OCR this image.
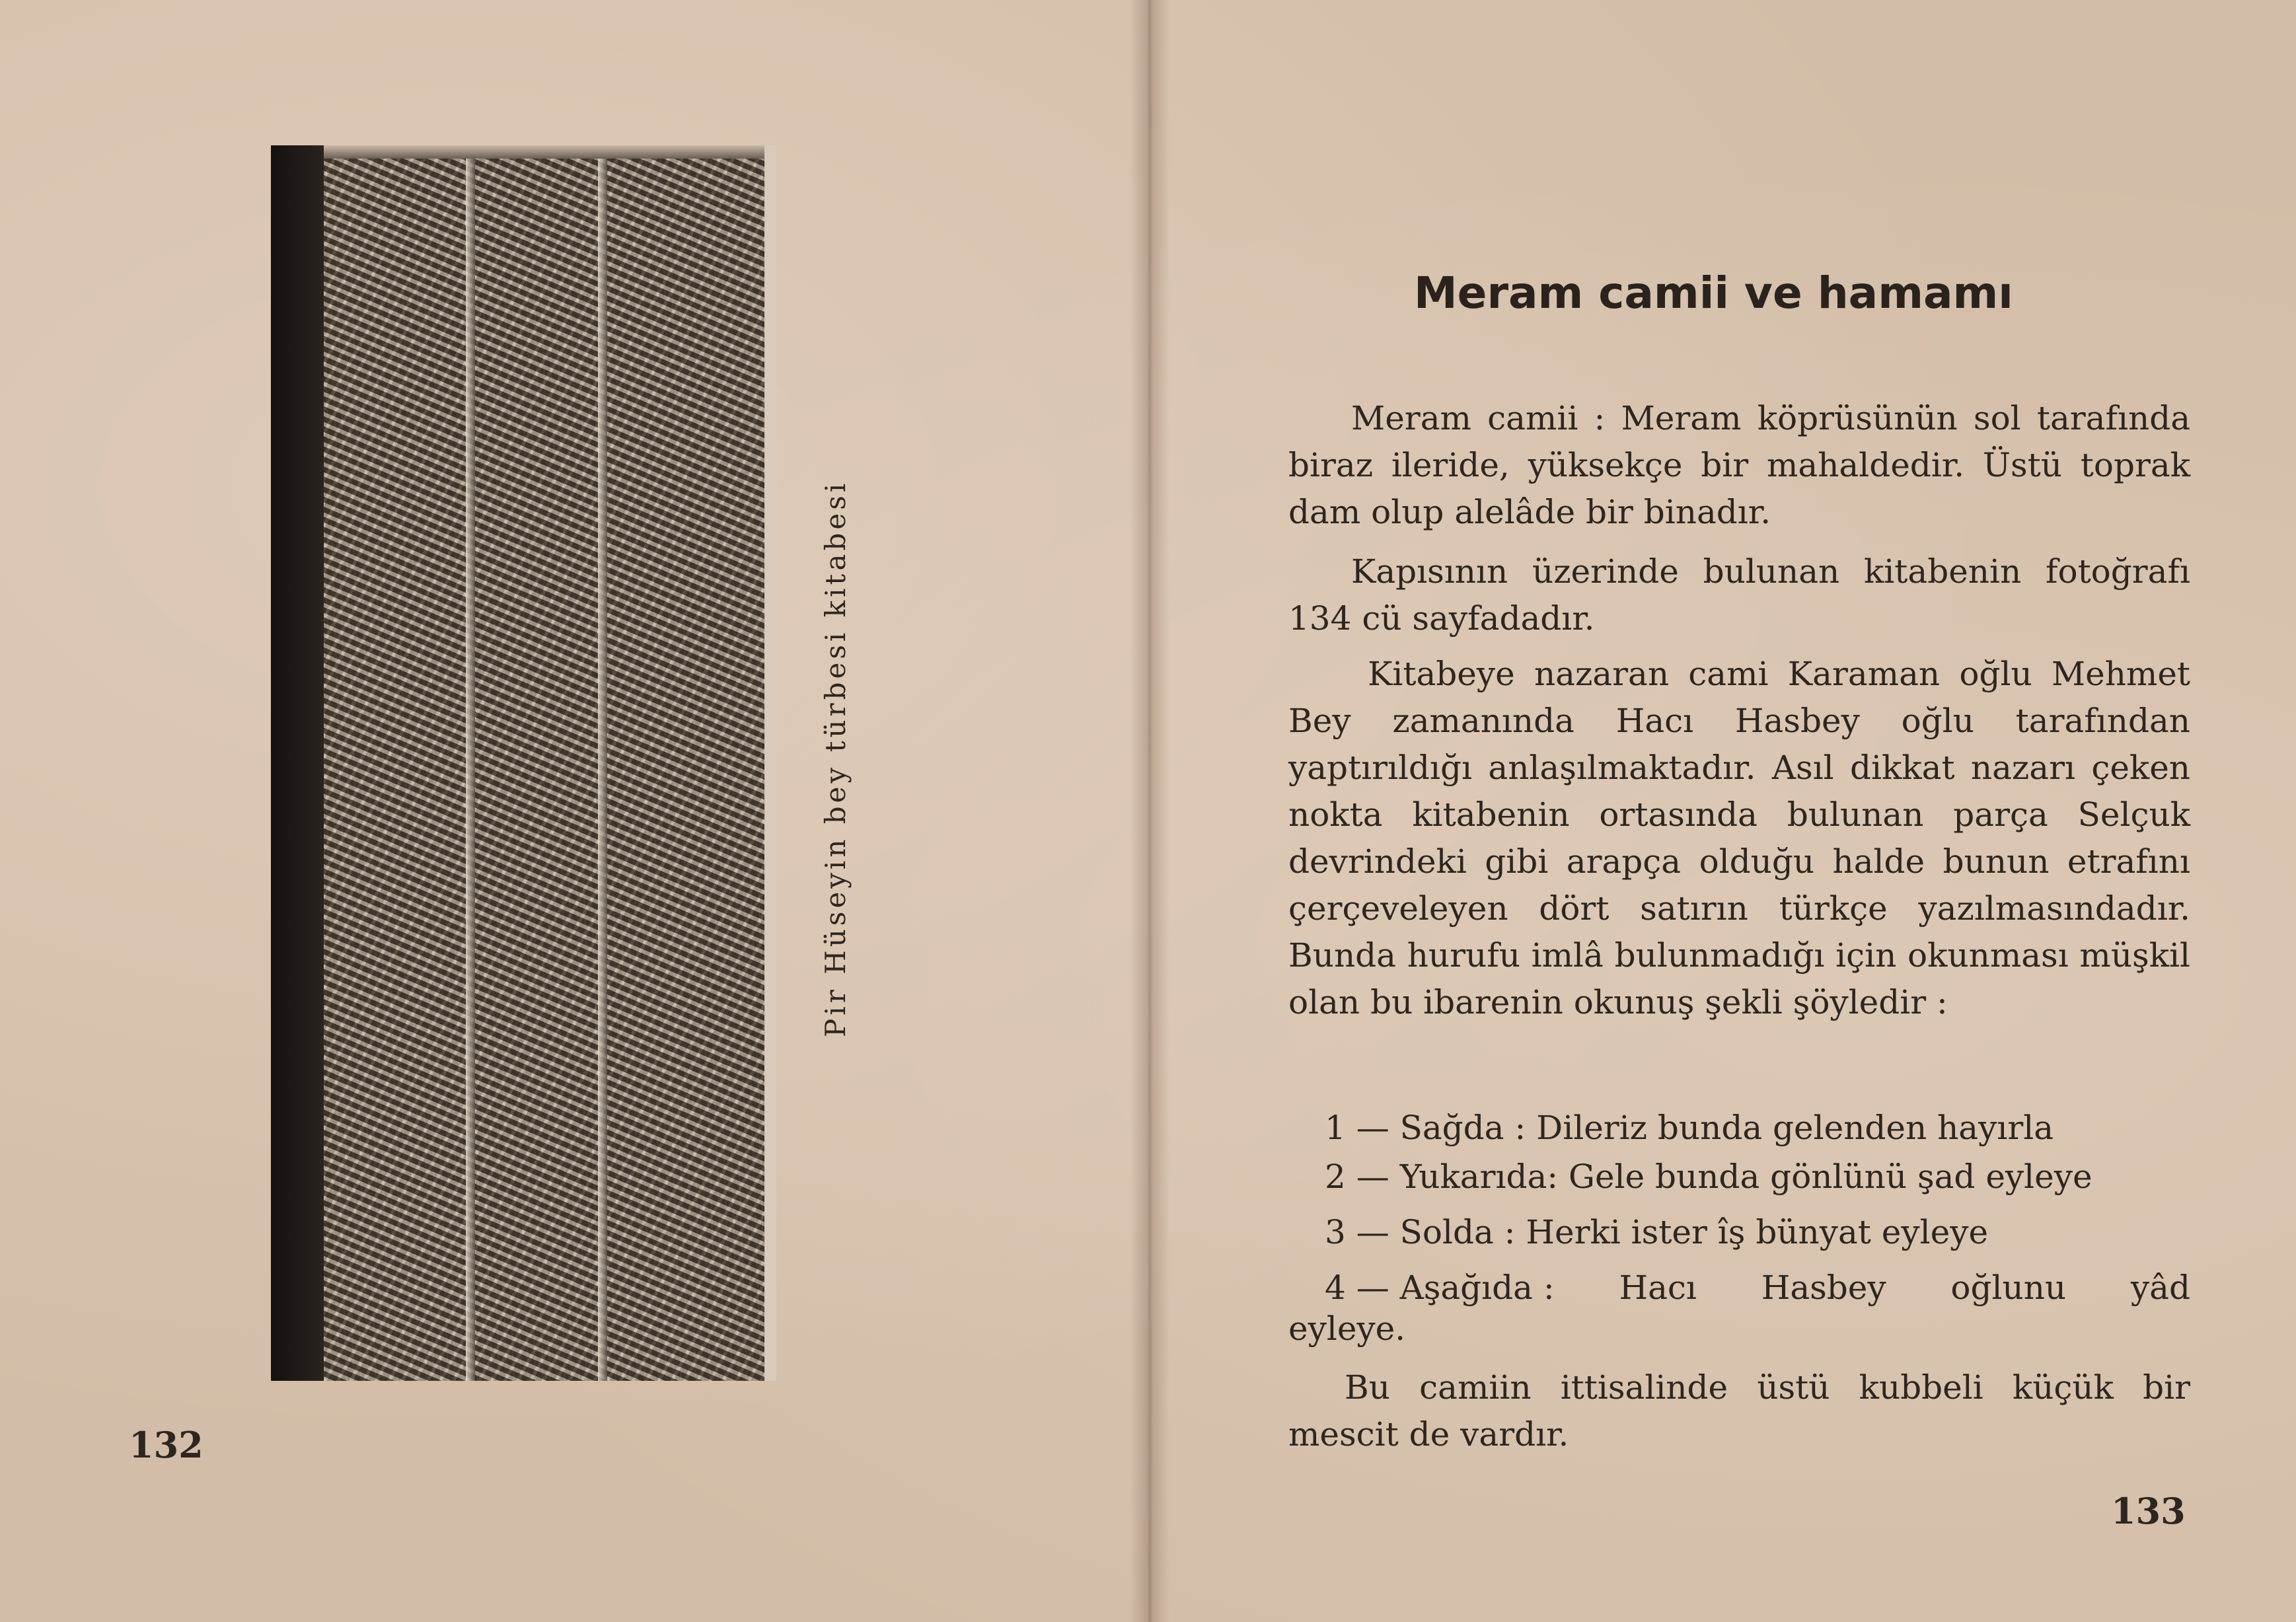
Pir Hüseyin bey türbesi kitabesi
132
Meram camii ve hamamı
Meram camii : Meram köprüsünün sol tarafında biraz ileride, yüksekçe bir mahaldedir. Üstü toprak dam olup alelâde bir binadır.
Kapısının üzerinde bulunan kitabenin fotoğrafı 134 cü sayfadadır.
Kitabeye nazaran cami Karaman oğlu Mehmet Bey zamanında Hacı Hasbey oğlu tarafından yaptırıldığı anlaşılmaktadır. Asıl dikkat nazarı çeken nokta kitabenin ortasında bulunan parça Selçuk devrindeki gibi arapça olduğu halde bunun etrafını çerçeveleyen dört satırın türkçe yazılmasındadır. Bunda hurufu imlâ bulunmadığı için okunması müşkil olan bu ibarenin okunuş şekli şöyledir :
1 — Sağda : Dileriz bunda gelenden hayırla
2 — Yukarıda: Gele bunda gönlünü şad eyleye
3 — Solda : Herki ister îş bünyat eyleye
4 — Aşağıda : Hacı Hasbey oğlunu yâd
eyleye.
Bu camiin ittisalinde üstü kubbeli küçük bir mescit de vardır.
133
